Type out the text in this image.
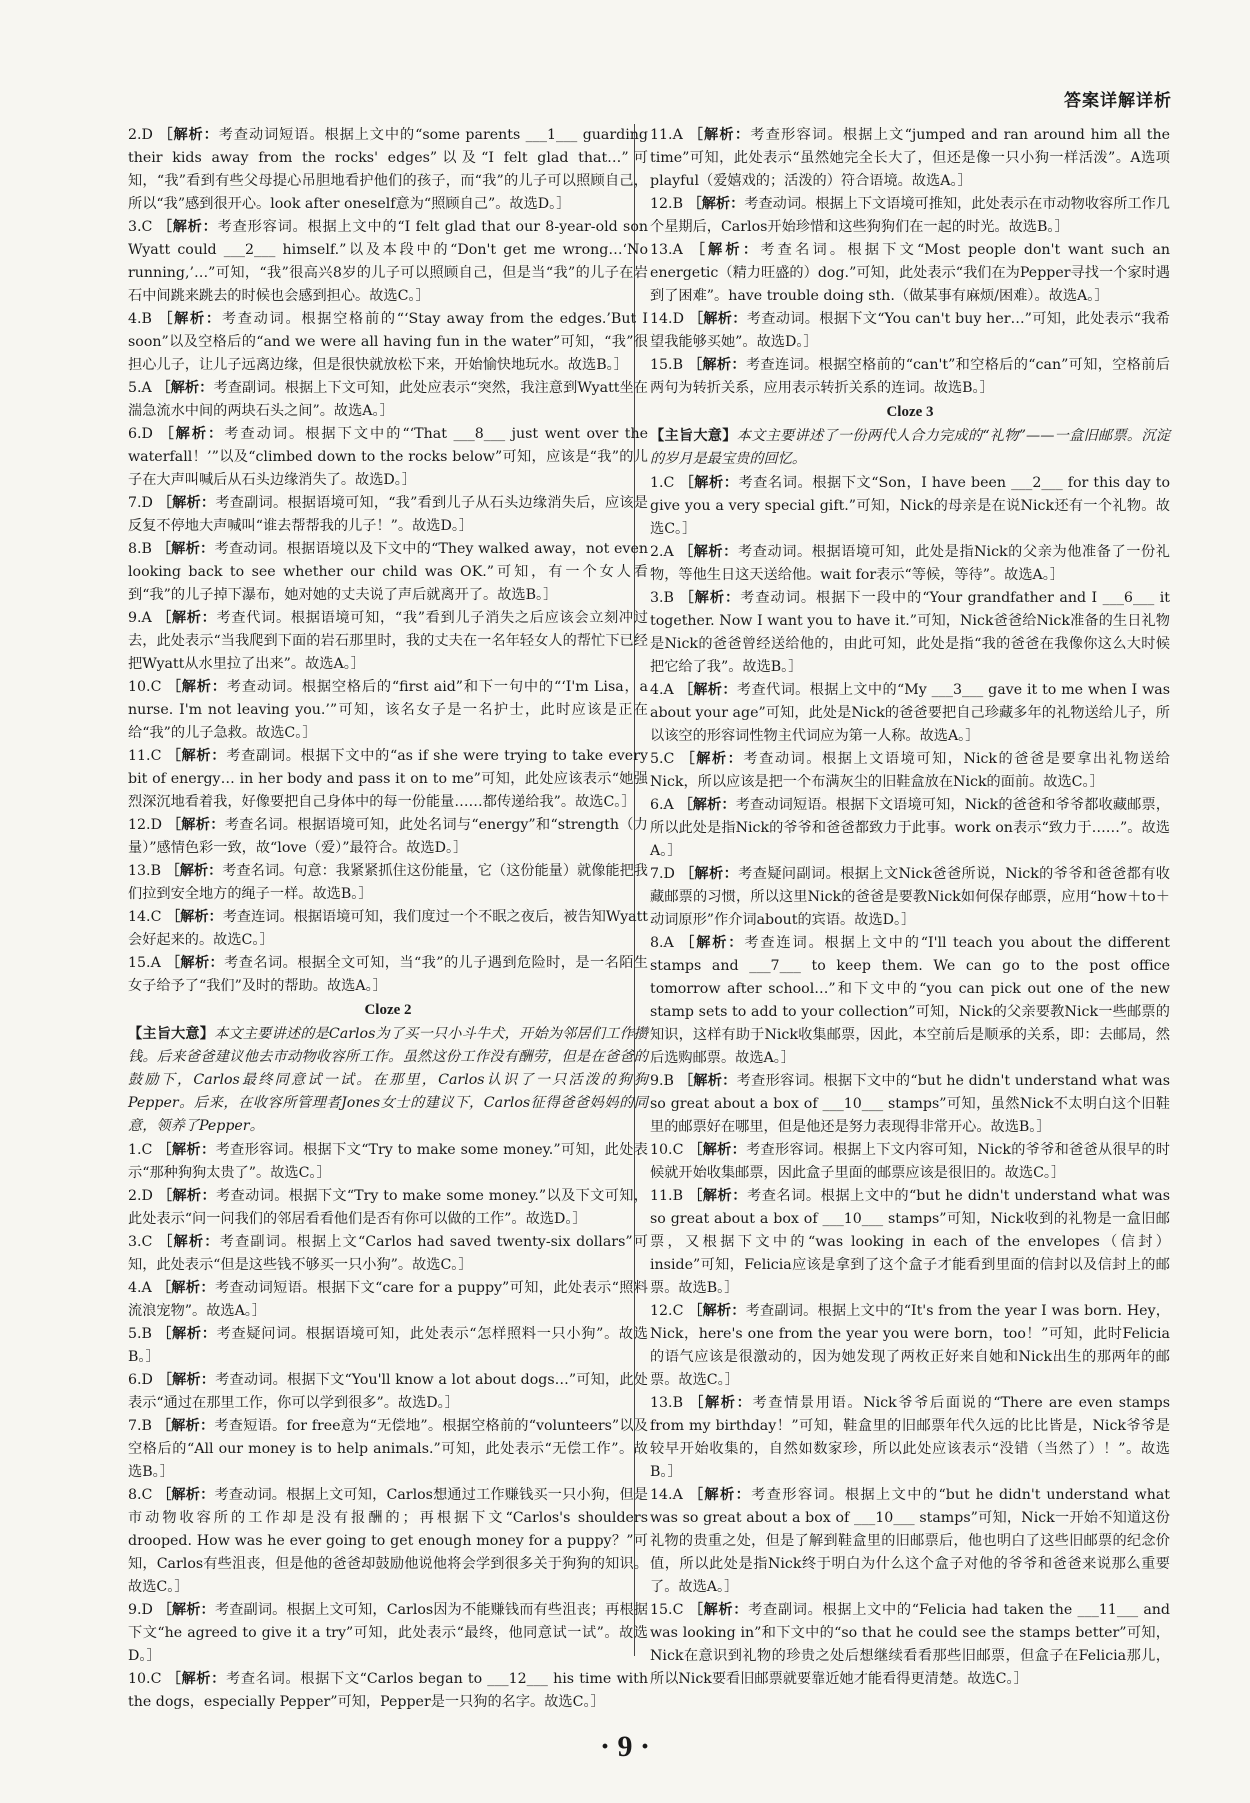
答案详解详析

2.D ［解析：考查动词短语。根据上文中的“some parents ___1___ guarding their kids away from the rocks' edges”以及“I felt glad that…”可知，“我”看到有些父母提心吊胆地看护他们的孩子，而“我”的儿子可以照顾自己，所以“我”感到很开心。look after oneself意为“照顾自己”。故选D。］

3.C ［解析：考查形容词。根据上文中的“I felt glad that our 8-year-old son Wyatt could ___2___ himself.”以及本段中的“Don't get me wrong…‘No running,’…”可知，“我”很高兴8岁的儿子可以照顾自己，但是当“我”的儿子在岩石中间跳来跳去的时候也会感到担心。故选C。］

4.B ［解析：考查动词。根据空格前的“‘Stay away from the edges.’But I soon”以及空格后的“and we were all having fun in the water”可知，“我”很担心儿子，让儿子远离边缘，但是很快就放松下来，开始愉快地玩水。故选B。］

5.A ［解析：考查副词。根据上下文可知，此处应表示“突然，我注意到Wyatt坐在湍急流水中间的两块石头之间”。故选A。］

6.D ［解析：考查动词。根据下文中的“‘That ___8___ just went over the waterfall！’”以及“climbed down to the rocks below”可知，应该是“我”的儿子在大声叫喊后从石头边缘消失了。故选D。］

7.D ［解析：考查副词。根据语境可知，“我”看到儿子从石头边缘消失后，应该是反复不停地大声喊叫“谁去帮帮我的儿子！”。故选D。］

8.B ［解析：考查动词。根据语境以及下文中的“They walked away，not even looking back to see whether our child was OK.”可知，有一个女人看到“我”的儿子掉下瀑布，她对她的丈夫说了声后就离开了。故选B。］

9.A ［解析：考查代词。根据语境可知，“我”看到儿子消失之后应该会立刻冲过去，此处表示“当我爬到下面的岩石那里时，我的丈夫在一名年轻女人的帮忙下已经把Wyatt从水里拉了出来”。故选A。］

10.C ［解析：考查动词。根据空格后的“first aid”和下一句中的“‘I'm Lisa，a nurse. I'm not leaving you.’”可知，该名女子是一名护士，此时应该是正在给“我”的儿子急救。故选C。］

11.C ［解析：考查副词。根据下文中的“as if she were trying to take every bit of energy… in her body and pass it on to me”可知，此处应该表示“她强烈深沉地看着我，好像要把自己身体中的每一份能量……都传递给我”。故选C。］

12.D ［解析：考查名词。根据语境可知，此处名词与“energy”和“strength（力量）”感情色彩一致，故“love（爱）”最符合。故选D。］

13.B ［解析：考查名词。句意：我紧紧抓住这份能量，它（这份能量）就像能把我们拉到安全地方的绳子一样。故选B。］

14.C ［解析：考查连词。根据语境可知，我们度过一个不眠之夜后，被告知Wyatt会好起来的。故选C。］

15.A ［解析：考查名词。根据全文可知，当“我”的儿子遇到危险时，是一名陌生女子给予了“我们”及时的帮助。故选A。］

Cloze 2

【主旨大意】本文主要讲述的是Carlos为了买一只小斗牛犬，开始为邻居们工作攒钱。后来爸爸建议他去市动物收容所工作。虽然这份工作没有酬劳，但是在爸爸的鼓励下，Carlos最终同意试一试。在那里，Carlos认识了一只活泼的狗狗Pepper。后来，在收容所管理者Jones女士的建议下，Carlos征得爸爸妈妈的同意，领养了Pepper。

1.C ［解析：考查形容词。根据下文“Try to make some money.”可知，此处表示“那种狗狗太贵了”。故选C。］

2.D ［解析：考查动词。根据下文“Try to make some money.”以及下文可知，此处表示“问一问我们的邻居看看他们是否有你可以做的工作”。故选D。］

3.C ［解析：考查副词。根据上文“Carlos had saved twenty-six dollars”可知，此处表示“但是这些钱不够买一只小狗”。故选C。］

4.A ［解析：考查动词短语。根据下文“care for a puppy”可知，此处表示“照料流浪宠物”。故选A。］

5.B ［解析：考查疑问词。根据语境可知，此处表示“怎样照料一只小狗”。故选B。］

6.D ［解析：考查动词。根据下文“You'll know a lot about dogs…”可知，此处表示“通过在那里工作，你可以学到很多”。故选D。］

7.B ［解析：考查短语。for free意为“无偿地”。根据空格前的“volunteers”以及空格后的“All our money is to help animals.”可知，此处表示“无偿工作”。故选B。］

8.C ［解析：考查动词。根据上文可知，Carlos想通过工作赚钱买一只小狗，但是市动物收容所的工作却是没有报酬的；再根据下文“Carlos's shoulders drooped. How was he ever going to get enough money for a puppy？”可知，Carlos有些沮丧，但是他的爸爸却鼓励他说他将会学到很多关于狗狗的知识。故选C。］

9.D ［解析：考查副词。根据上文可知，Carlos因为不能赚钱而有些沮丧；再根据下文“he agreed to give it a try”可知，此处表示“最终，他同意试一试”。故选D。］

10.C ［解析：考查名词。根据下文“Carlos began to ___12___ his time with the dogs，especially Pepper”可知，Pepper是一只狗的名字。故选C。］

11.A ［解析：考查形容词。根据上文“jumped and ran around him all the time”可知，此处表示“虽然她完全长大了，但还是像一只小狗一样活泼”。A选项playful（爱嬉戏的；活泼的）符合语境。故选A。］

12.B ［解析：考查动词。根据上下文语境可推知，此处表示在市动物收容所工作几个星期后，Carlos开始珍惜和这些狗狗们在一起的时光。故选B。］

13.A ［解析：考查名词。根据下文“Most people don't want such an energetic（精力旺盛的）dog.”可知，此处表示“我们在为Pepper寻找一个家时遇到了困难”。have trouble doing sth.（做某事有麻烦/困难）。故选A。］

14.D ［解析：考查动词。根据下文“You can't buy her…”可知，此处表示“我希望我能够买她”。故选D。］

15.B ［解析：考查连词。根据空格前的“can't”和空格后的“can”可知，空格前后两句为转折关系，应用表示转折关系的连词。故选B。］

Cloze 3

【主旨大意】本文主要讲述了一份两代人合力完成的“礼物”——一盒旧邮票。沉淀的岁月是最宝贵的回忆。

1.C ［解析：考查名词。根据下文“Son，I have been ___2___ for this day to give you a very special gift.”可知，Nick的母亲是在说Nick还有一个礼物。故选C。］

2.A ［解析：考查动词。根据语境可知，此处是指Nick的父亲为他准备了一份礼物，等他生日这天送给他。wait for表示“等候，等待”。故选A。］

3.B ［解析：考查动词。根据下一段中的“Your grandfather and I ___6___ it together. Now I want you to have it.”可知，Nick爸爸给Nick准备的生日礼物是Nick的爸爸曾经送给他的，由此可知，此处是指“我的爸爸在我像你这么大时候把它给了我”。故选B。］

4.A ［解析：考查代词。根据上文中的“My ___3___ gave it to me when I was about your age”可知，此处是Nick的爸爸要把自己珍藏多年的礼物送给儿子，所以该空的形容词性物主代词应为第一人称。故选A。］

5.C ［解析：考查动词。根据上文语境可知，Nick的爸爸是要拿出礼物送给Nick，所以应该是把一个布满灰尘的旧鞋盒放在Nick的面前。故选C。］

6.A ［解析：考查动词短语。根据下文语境可知，Nick的爸爸和爷爷都收藏邮票，所以此处是指Nick的爷爷和爸爸都致力于此事。work on表示“致力于……”。故选A。］

7.D ［解析：考查疑问副词。根据上文Nick爸爸所说，Nick的爷爷和爸爸都有收藏邮票的习惯，所以这里Nick的爸爸是要教Nick如何保存邮票，应用“how＋to＋动词原形”作介词about的宾语。故选D。］

8.A ［解析：考查连词。根据上文中的“I'll teach you about the different stamps and ___7___ to keep them. We can go to the post office tomorrow after school…”和下文中的“you can pick out one of the new stamp sets to add to your collection”可知，Nick的父亲要教Nick一些邮票的知识，这样有助于Nick收集邮票，因此，本空前后是顺承的关系，即：去邮局，然后选购邮票。故选A。］

9.B ［解析：考查形容词。根据下文中的“but he didn't understand what was so great about a box of ___10___ stamps”可知，虽然Nick不太明白这个旧鞋里的邮票好在哪里，但是他还是努力表现得非常开心。故选B。］

10.C ［解析：考查形容词。根据上下文内容可知，Nick的爷爷和爸爸从很早的时候就开始收集邮票，因此盒子里面的邮票应该是很旧的。故选C。］

11.B ［解析：考查名词。根据上文中的“but he didn't understand what was so great about a box of ___10___ stamps”可知，Nick收到的礼物是一盒旧邮票，又根据下文中的“was looking in each of the envelopes（信封）inside”可知，Felicia应该是拿到了这个盒子才能看到里面的信封以及信封上的邮票。故选B。］

12.C ［解析：考查副词。根据上文中的“It's from the year I was born. Hey，Nick，here's one from the year you were born，too！”可知，此时Felicia的语气应该是很激动的，因为她发现了两枚正好来自她和Nick出生的那两年的邮票。故选C。］

13.B ［解析：考查情景用语。Nick爷爷后面说的“There are even stamps from my birthday！”可知，鞋盒里的旧邮票年代久远的比比皆是，Nick爷爷是较早开始收集的，自然如数家珍，所以此处应该表示“没错（当然了）！”。故选B。］

14.A ［解析：考查形容词。根据上文中的“but he didn't understand what was so great about a box of ___10___ stamps”可知，Nick一开始不知道这份礼物的贵重之处，但是了解到鞋盒里的旧邮票后，他也明白了这些旧邮票的纪念价值，所以此处是指Nick终于明白为什么这个盒子对他的爷爷和爸爸来说那么重要了。故选A。］

15.C ［解析：考查副词。根据上文中的“Felicia had taken the ___11___ and was looking in”和下文中的“so that he could see the stamps better”可知，Nick在意识到礼物的珍贵之处后想继续看看那些旧邮票，但盒子在Felicia那儿，所以Nick要看旧邮票就要靠近她才能看得更清楚。故选C。］

· 9 ·
